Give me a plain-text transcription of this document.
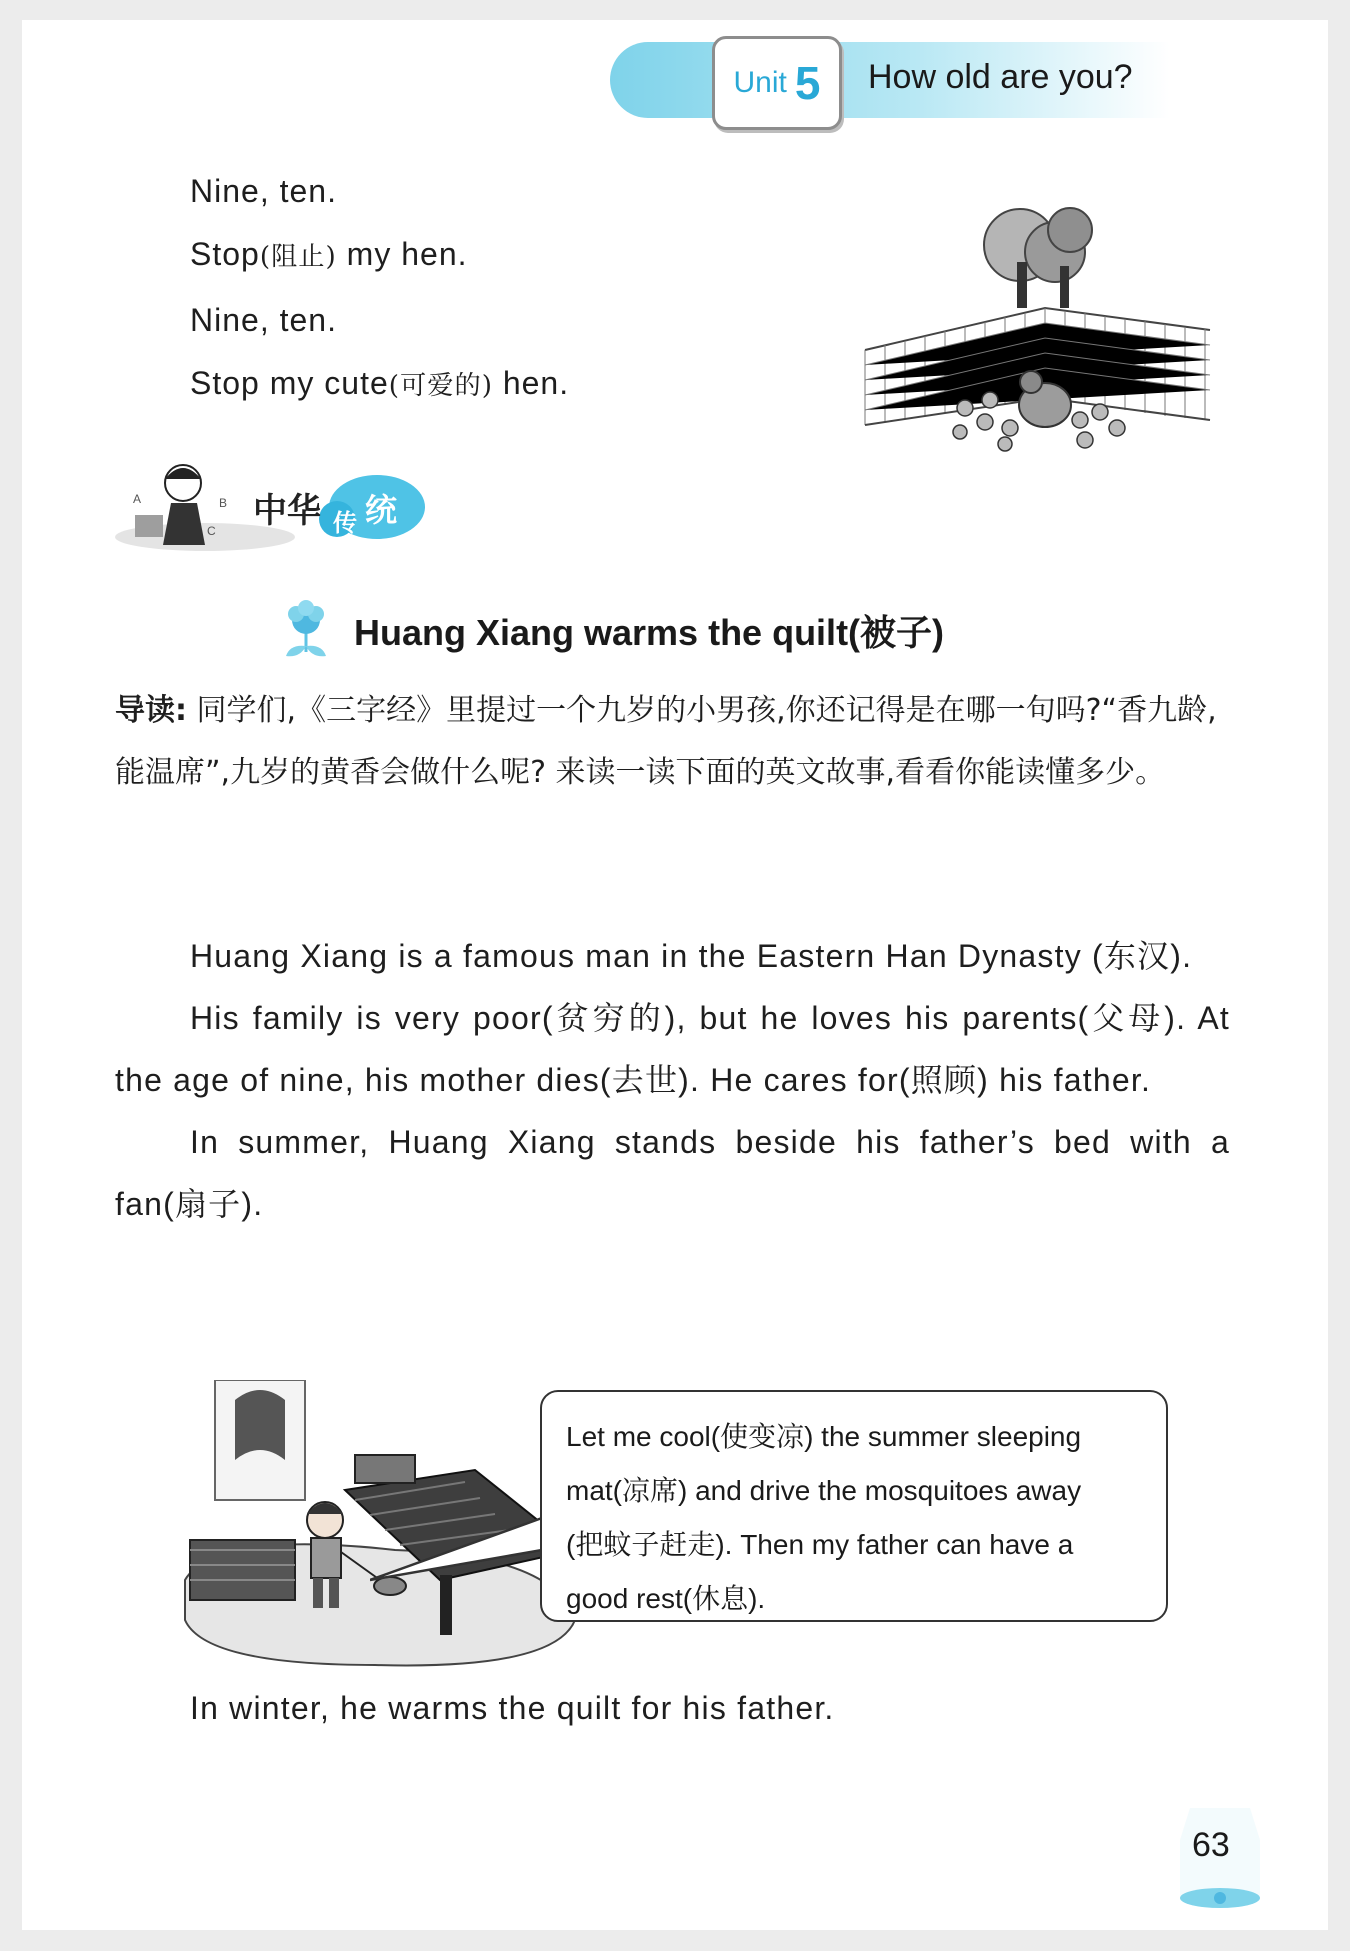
Unit 5 How old are you?
Nine, ten.
Stop(阻止) my hen.
Nine, ten.
Stop my cute(可爱的) hen.
A	B
C 中华 传 统
Huang Xiang warms the quilt(被子)
导读: 同学们,《三字经》里提过一个九岁的小男孩,你还记得是在哪一句吗?“香九龄,能温席”,九岁的黄香会做什么呢? 来读一读下面的英文故事,看看你能读懂多少。

Huang Xiang is a famous man in the Eastern Han Dynasty (东汉).

His family is very poor(贫穷的), but he loves his parents(父母). At the age of nine, his mother dies(去世). He cares for(照顾) his father.

In summer, Huang Xiang stands beside his father’s bed with a fan(扇子).

Let me cool(使变凉) the summer sleeping
mat(凉席) and drive the mosquitoes away
(把蚊子赶走). Then my father can have a
good rest(休息).
In winter, he warms the quilt for his father.
63
